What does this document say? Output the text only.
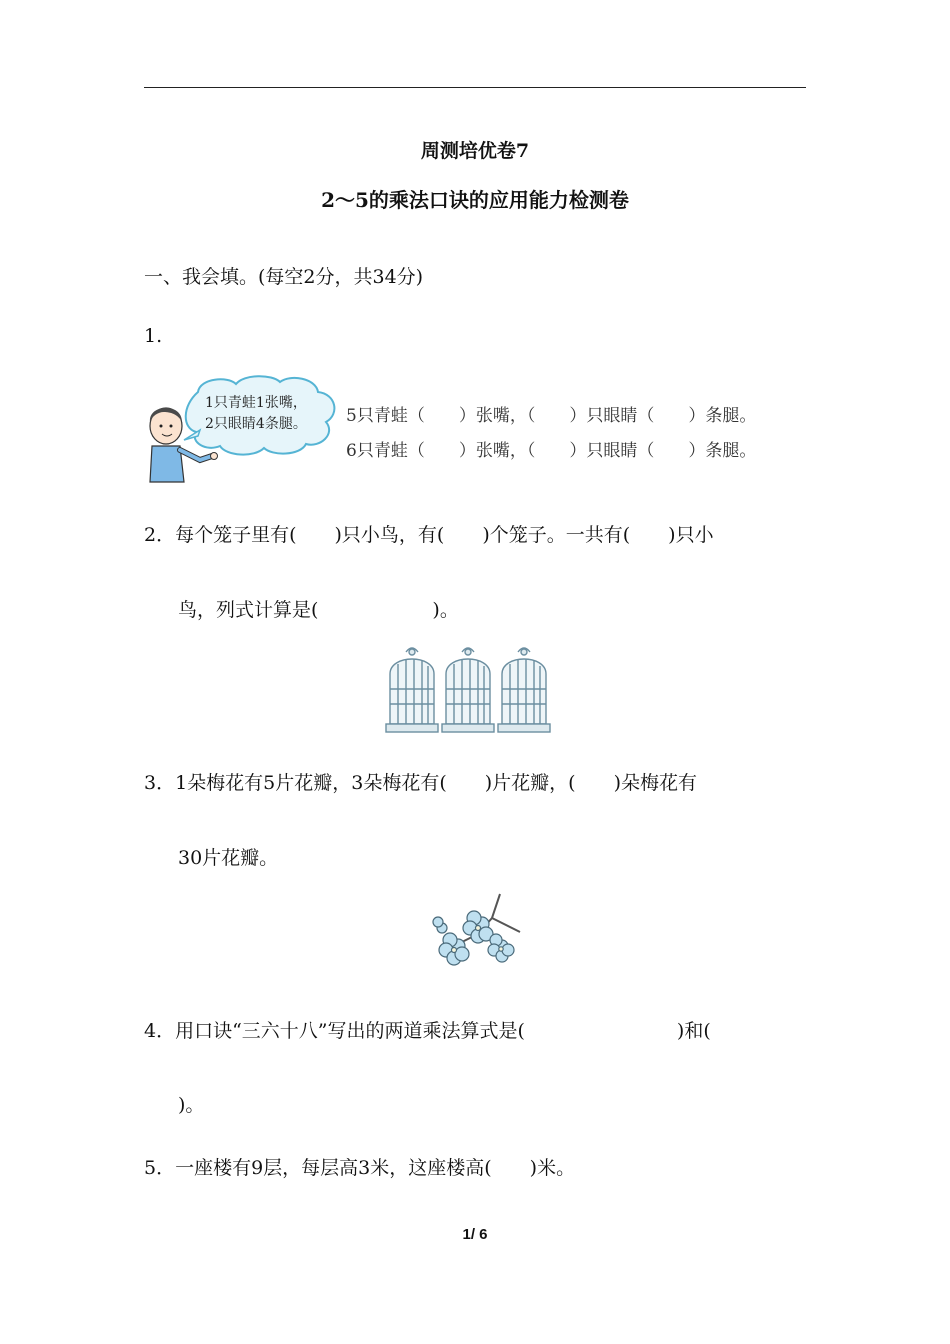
周测培优卷7
2～5的乘法口诀的应用能力检测卷
一、我会填。(每空2分，共34分)
1.
1只青蛙1张嘴，
2只眼睛4条腿。 5只青蛙（　　）张嘴，（　　）只眼睛（　　）条腿。
6只青蛙（　　）张嘴，（　　）只眼睛（　　）条腿。
2．每个笼子里有(　　)只小鸟，有(　　)个笼子。一共有(　　)只小
鸟，列式计算是(　　　　　　)。
3．1朵梅花有5片花瓣，3朵梅花有(　　)片花瓣，(　　)朵梅花有
30片花瓣。
4．用口诀“三六十八”写出的两道乘法算式是(　　　　　　　　)和(
)。
5．一座楼有9层，每层高3米，这座楼高(　　)米。
1/ 6
